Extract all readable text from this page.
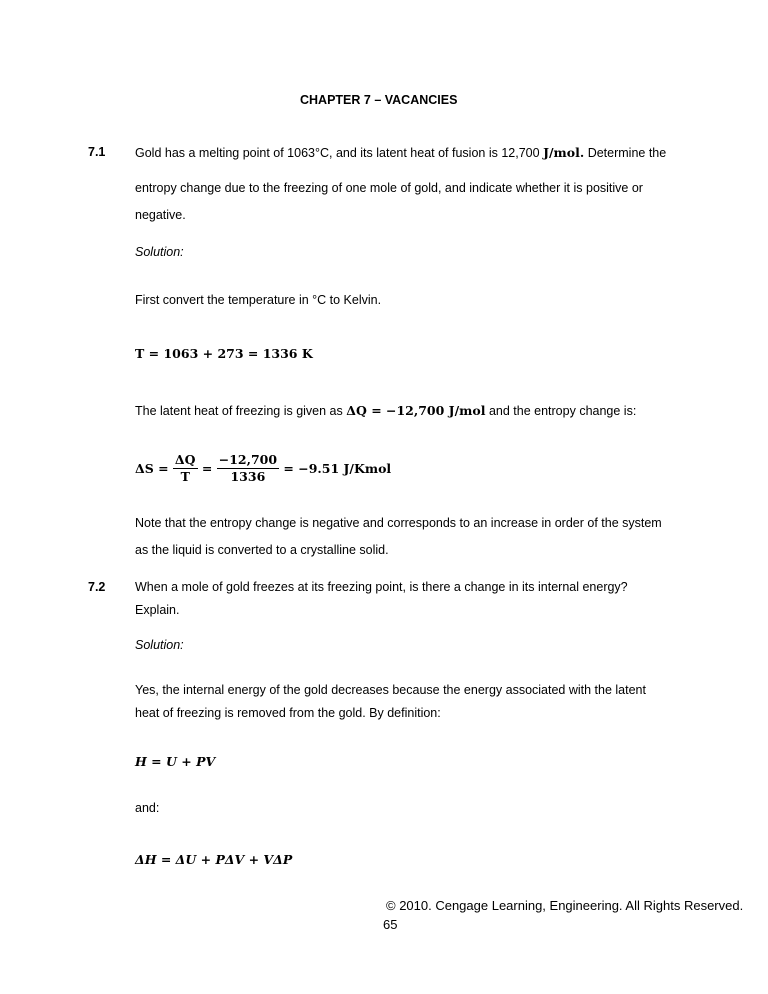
CHAPTER 7 – VACANCIES
7.1 Gold has a melting point of 1063°C, and its latent heat of fusion is 12,700 J/mol. Determine the
entropy change due to the freezing of one mole of gold, and indicate whether it is positive or
negative.
Solution:
First convert the temperature in °C to Kelvin.
T = 1063 + 273 = 1336 K
The latent heat of freezing is given as ΔQ = −12,700 J/mol and the entropy change is:
$\Delta S = \frac{\Delta Q}{T} = \frac{-12,700}{1336} = -9.51$ J/Kmol
Note that the entropy change is negative and corresponds to an increase in order of the system
as the liquid is converted to a crystalline solid.
7.2 When a mole of gold freezes at its freezing point, is there a change in its internal energy?
Explain.
Solution:
Yes, the internal energy of the gold decreases because the energy associated with the latent
heat of freezing is removed from the gold. By definition:
H = U + PV
and:
ΔH = ΔU + PΔV + VΔP
© 2010. Cengage Learning, Engineering. All Rights Reserved.
65
